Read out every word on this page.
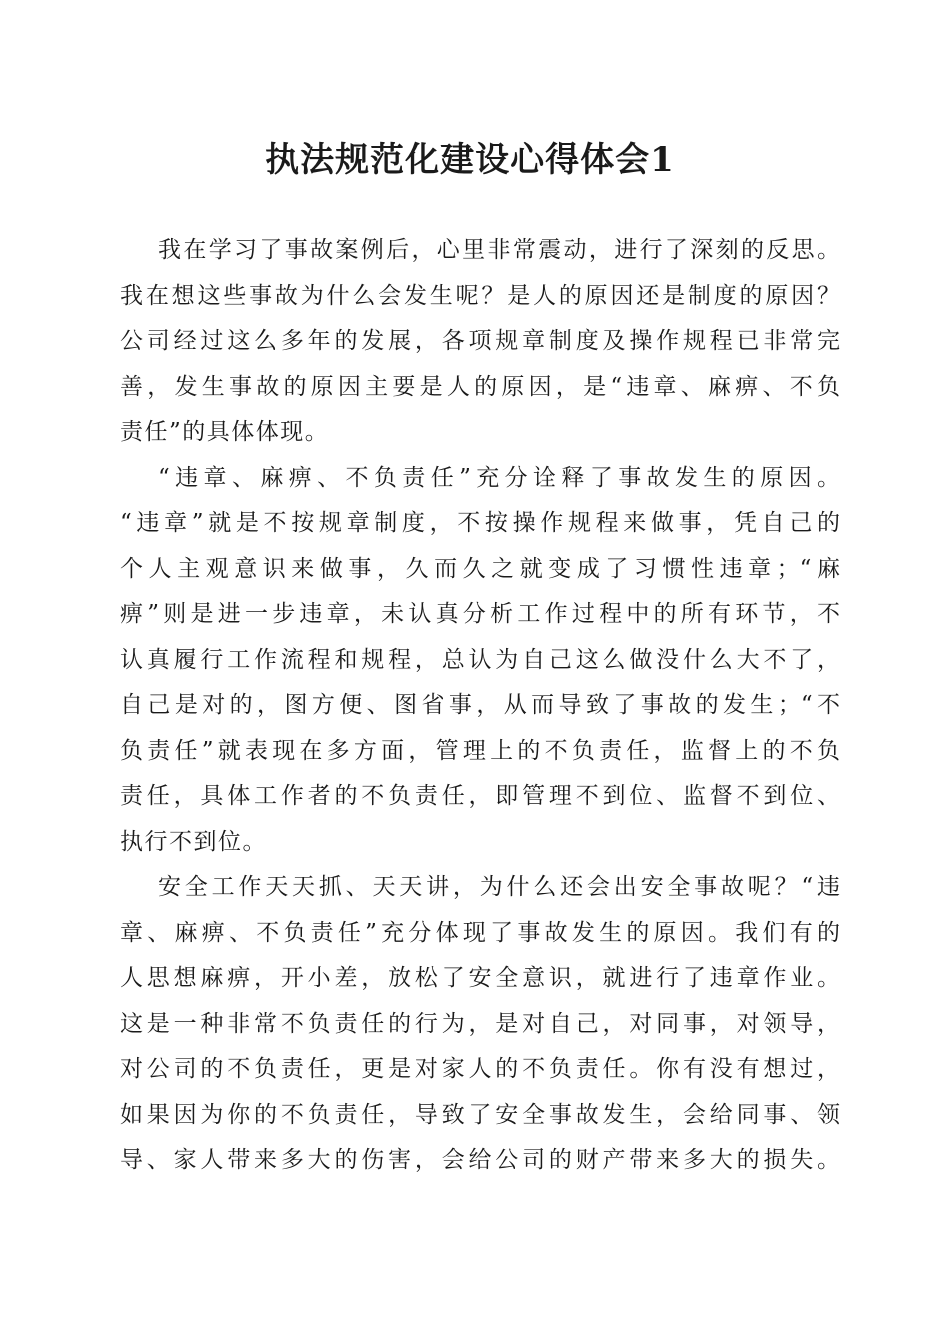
执法规范化建设心得体会1
我在学习了事故案例后，心里非常震动，进行了深刻的反思。
我在想这些事故为什么会发生呢？是人的原因还是制度的原因？
公司经过这么多年的发展，各项规章制度及操作规程已非常完
善，发生事故的原因主要是人的原因，是“违章、麻痹、不负
责任”的具体体现。
“违章、麻痹、不负责任”充分诠释了事故发生的原因。
“违章”就是不按规章制度，不按操作规程来做事，凭自己的
个人主观意识来做事，久而久之就变成了习惯性违章；“麻
痹”则是进一步违章，未认真分析工作过程中的所有环节，不
认真履行工作流程和规程，总认为自己这么做没什么大不了，
自己是对的，图方便、图省事，从而导致了事故的发生；“不
负责任”就表现在多方面，管理上的不负责任，监督上的不负
责任，具体工作者的不负责任，即管理不到位、监督不到位、
执行不到位。
安全工作天天抓、天天讲，为什么还会出安全事故呢？“违
章、麻痹、不负责任”充分体现了事故发生的原因。我们有的
人思想麻痹，开小差，放松了安全意识，就进行了违章作业。
这是一种非常不负责任的行为，是对自己，对同事，对领导，
对公司的不负责任，更是对家人的不负责任。你有没有想过，
如果因为你的不负责任，导致了安全事故发生，会给同事、领
导、家人带来多大的伤害，会给公司的财产带来多大的损失。
